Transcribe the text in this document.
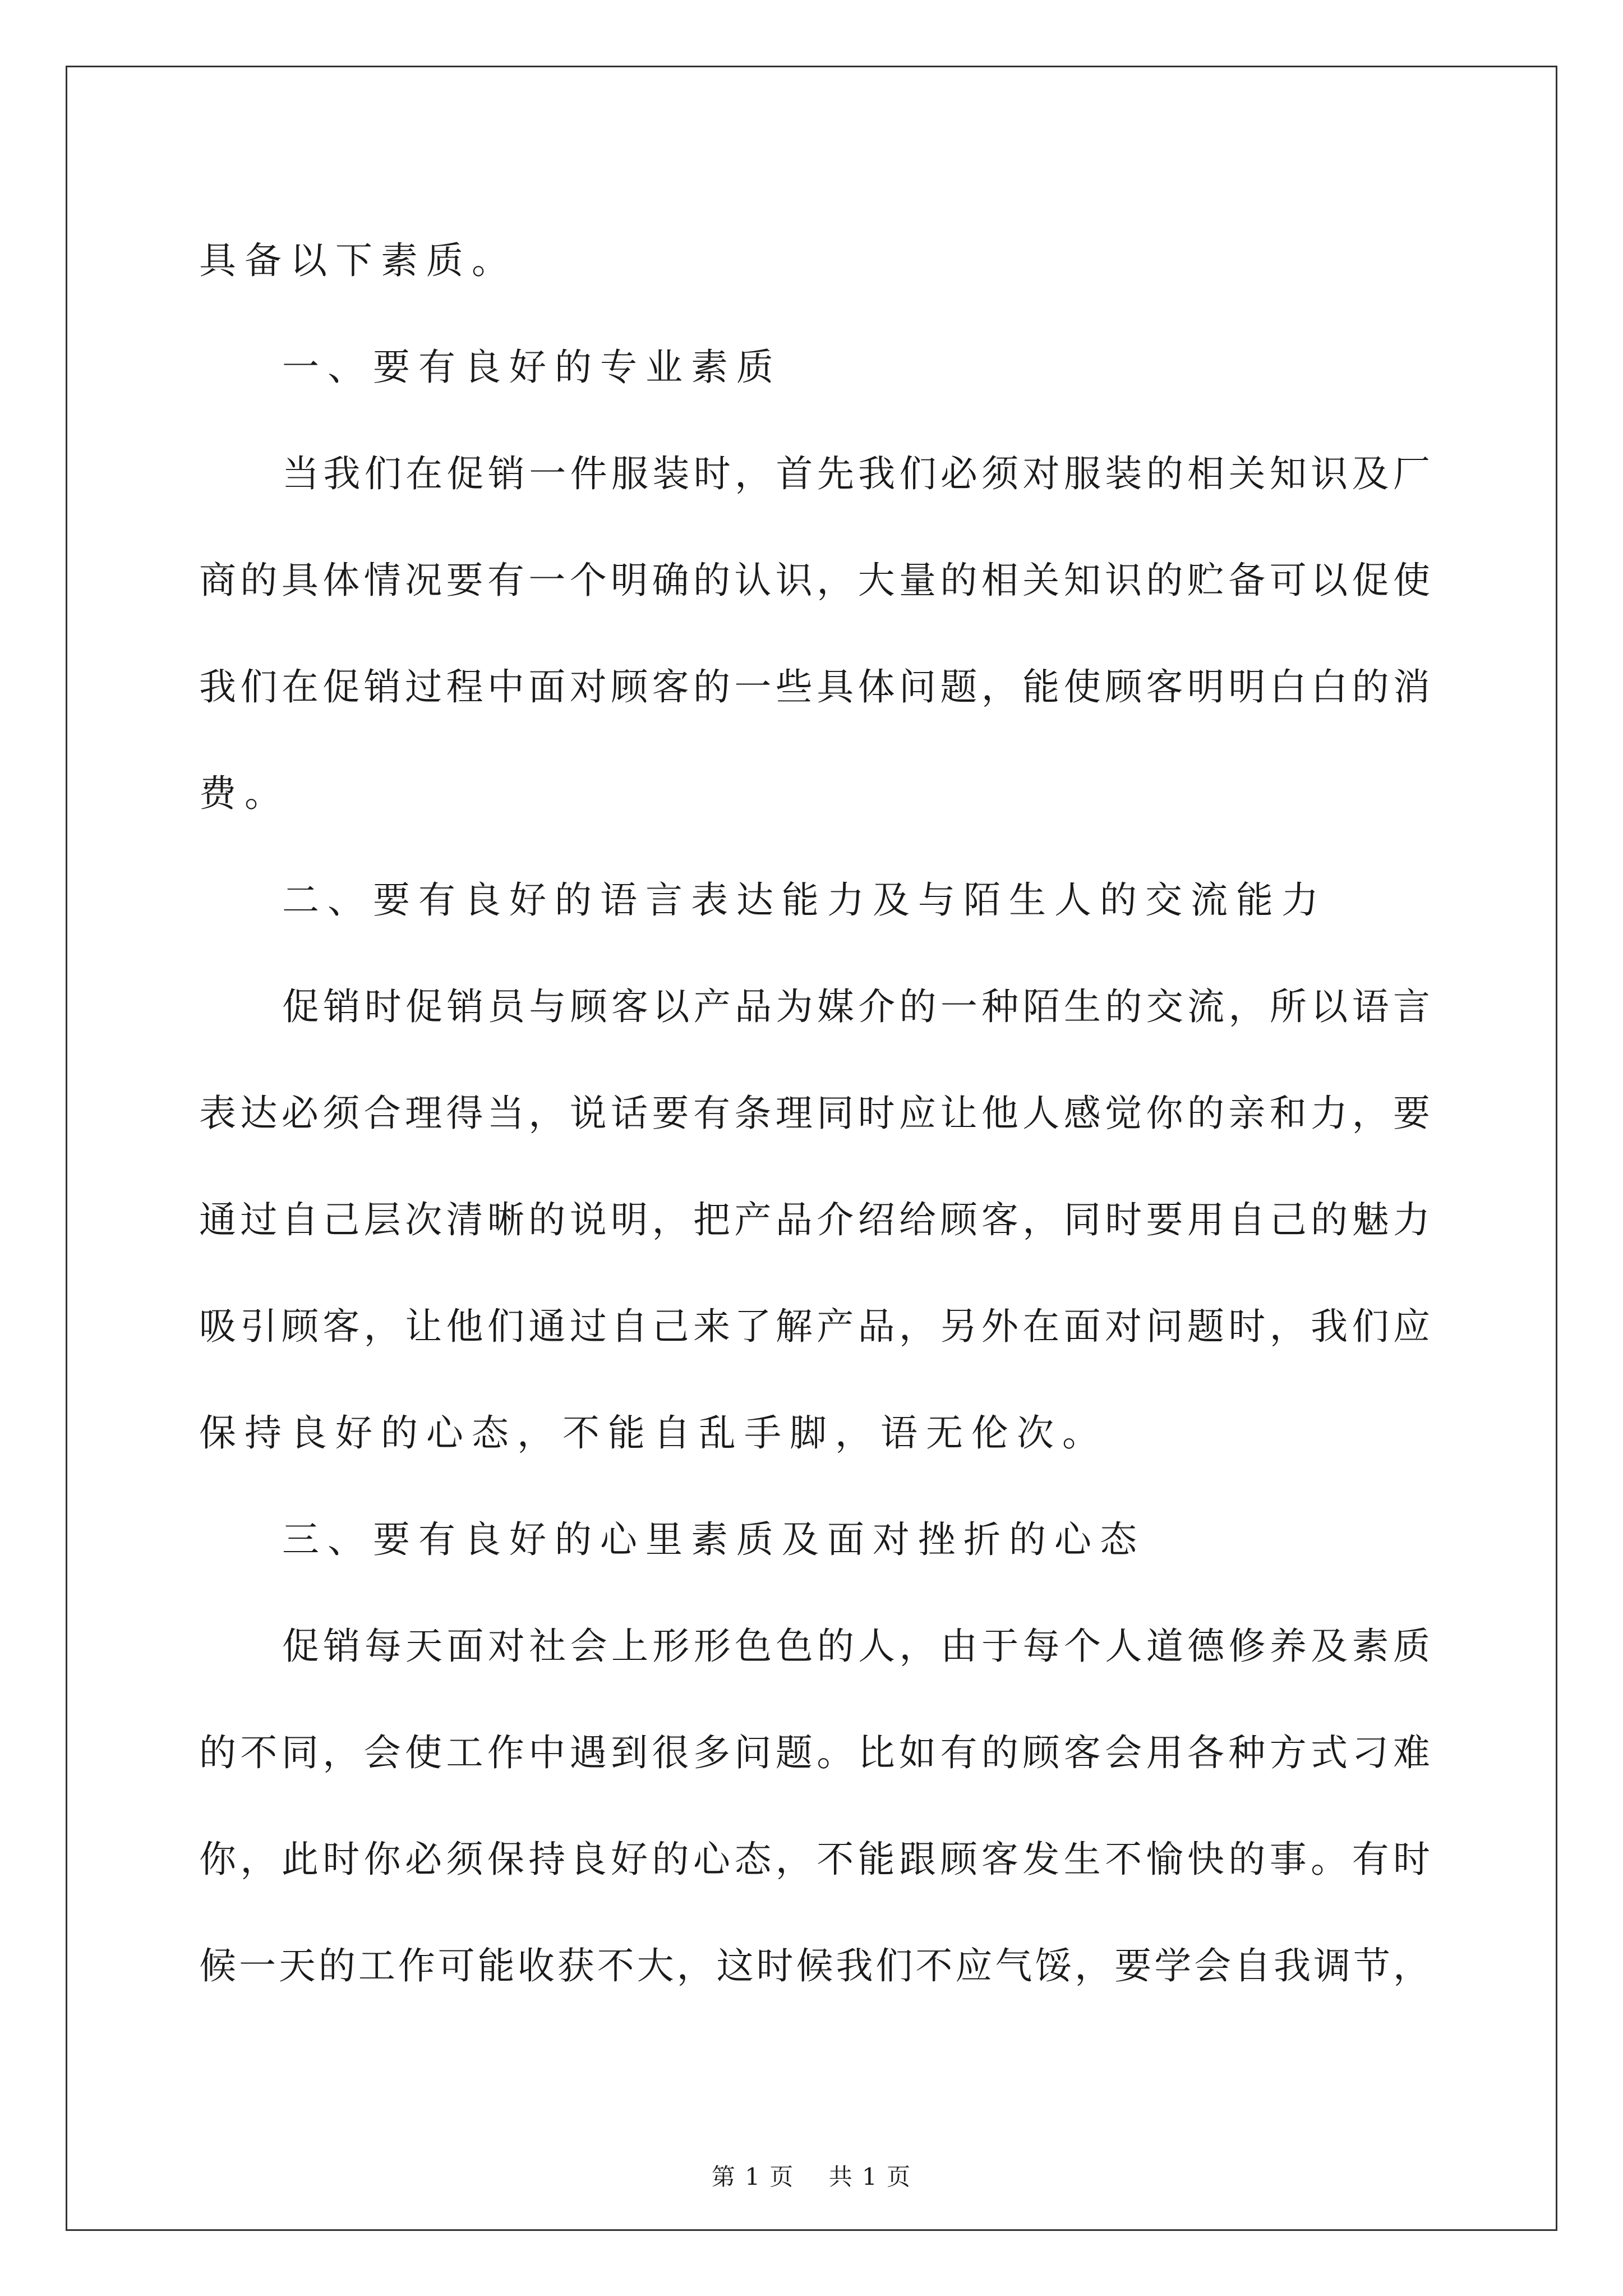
具备以下素质。
一、要有良好的专业素质
当我们在促销一件服装时，首先我们必须对服装的相关知识及厂
商的具体情况要有一个明确的认识，大量的相关知识的贮备可以促使
我们在促销过程中面对顾客的一些具体问题，能使顾客明明白白的消
费。
二、要有良好的语言表达能力及与陌生人的交流能力
促销时促销员与顾客以产品为媒介的一种陌生的交流，所以语言
表达必须合理得当，说话要有条理同时应让他人感觉你的亲和力，要
通过自己层次清晰的说明，把产品介绍给顾客，同时要用自己的魅力
吸引顾客，让他们通过自己来了解产品，另外在面对问题时，我们应
保持良好的心态，不能自乱手脚，语无伦次。
三、要有良好的心里素质及面对挫折的心态
促销每天面对社会上形形色色的人，由于每个人道德修养及素质
的不同，会使工作中遇到很多问题。比如有的顾客会用各种方式刁难
你，此时你必须保持良好的心态，不能跟顾客发生不愉快的事。有时
候一天的工作可能收获不大，这时候我们不应气馁，要学会自我调节，
第 1 页    共 1 页
